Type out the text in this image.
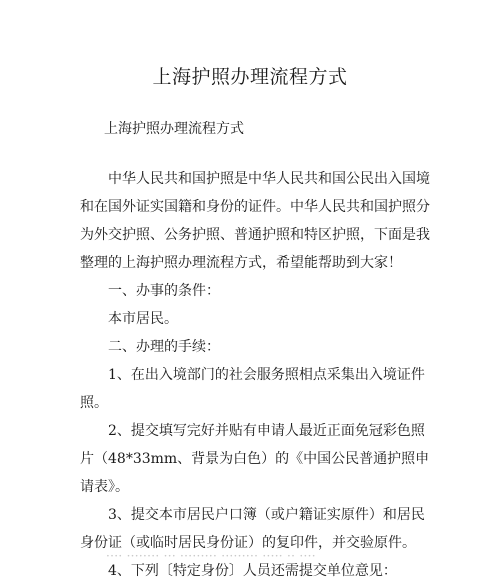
上海护照办理流程方式
上海护照办理流程方式

中华人民共和国护照是中华人民共和国公民出入国境和在国外证实国籍和身份的证件。中华人民共和国护照分为外交护照、公务护照、普通护照和特区护照，下面是我整理的上海护照办理流程方式，希望能帮助到大家！

一、办事的条件：

本市居民。

二、办理的手续：

1、在出入境部门的社会服务照相点采集出入境证件照。

2、提交填写完好并贴有申请人最近正面免冠彩色照片（48*33mm、背景为白色）的《中国公民普通护照申请表》。

3、提交本市居民户口簿（或户籍证实原件）和居民身份证（或临时居民身份证）的复印件，并交验原件。

4、下列〔特定身份〕人员还需提交单位意见：

···· ········ ··· ········· ········· ····· ·· ····
